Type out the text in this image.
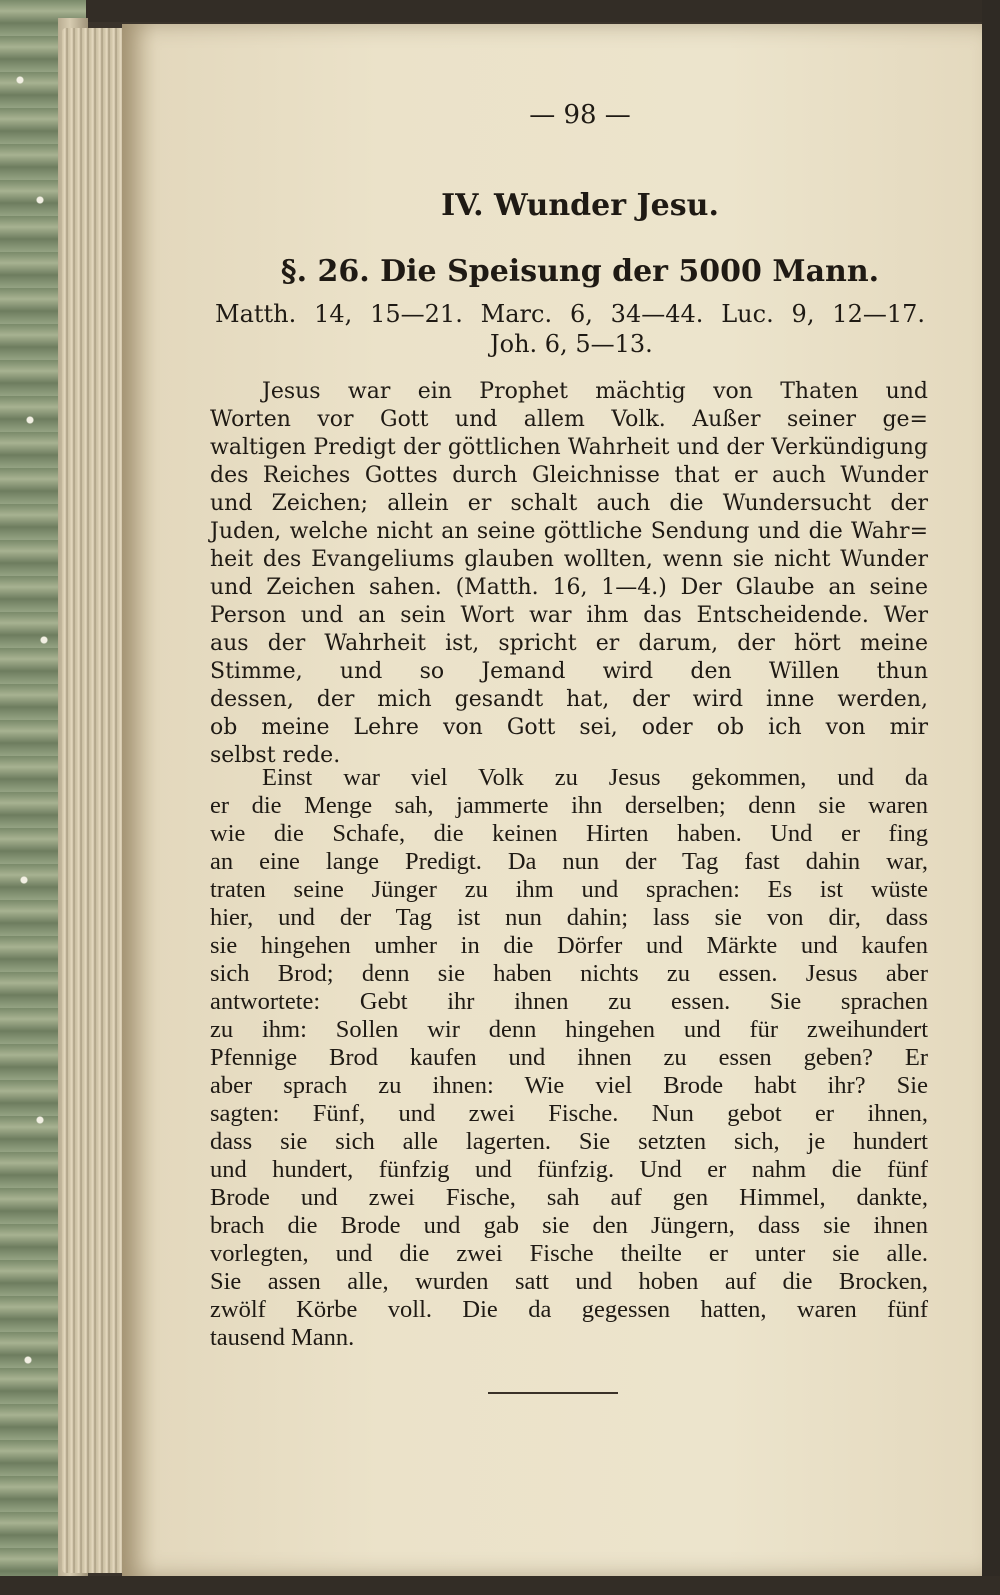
— 98 —
IV. Wunder Jesu.
§. 26. Die Speisung der 5000 Mann.
Matth. 14, 15—21. Marc. 6, 34—44. Luc. 9, 12—17.
Joh. 6, 5—13.
Jesus war ein Prophet mächtig von Thaten und
Worten vor Gott und allem Volk. Außer seiner ge=
waltigen Predigt der göttlichen Wahrheit und der Verkündigung
des Reiches Gottes durch Gleichnisse that er auch Wunder
und Zeichen; allein er schalt auch die Wundersucht der
Juden, welche nicht an seine göttliche Sendung und die Wahr=
heit des Evangeliums glauben wollten, wenn sie nicht Wunder
und Zeichen sahen. (Matth. 16, 1—4.) Der Glaube an seine
Person und an sein Wort war ihm das Entscheidende. Wer
aus der Wahrheit ist, spricht er darum, der hört meine
Stimme, und so Jemand wird den Willen thun
dessen, der mich gesandt hat, der wird inne werden,
ob meine Lehre von Gott sei, oder ob ich von mir
selbst rede.
Einst war viel Volk zu Jesus gekommen, und da
er die Menge sah, jammerte ihn derselben; denn sie waren
wie die Schafe, die keinen Hirten haben. Und er fing
an eine lange Predigt. Da nun der Tag fast dahin war,
traten seine Jünger zu ihm und sprachen: Es ist wüste
hier, und der Tag ist nun dahin; lass sie von dir, dass
sie hingehen umher in die Dörfer und Märkte und kaufen
sich Brod; denn sie haben nichts zu essen. Jesus aber
antwortete: Gebt ihr ihnen zu essen. Sie sprachen
zu ihm: Sollen wir denn hingehen und für zweihundert
Pfennige Brod kaufen und ihnen zu essen geben? Er
aber sprach zu ihnen: Wie viel Brode habt ihr? Sie
sagten: Fünf, und zwei Fische. Nun gebot er ihnen,
dass sie sich alle lagerten. Sie setzten sich, je hundert
und hundert, fünfzig und fünfzig. Und er nahm die fünf
Brode und zwei Fische, sah auf gen Himmel, dankte,
brach die Brode und gab sie den Jüngern, dass sie ihnen
vorlegten, und die zwei Fische theilte er unter sie alle.
Sie assen alle, wurden satt und hoben auf die Brocken,
zwölf Körbe voll. Die da gegessen hatten, waren fünf
tausend Mann.
